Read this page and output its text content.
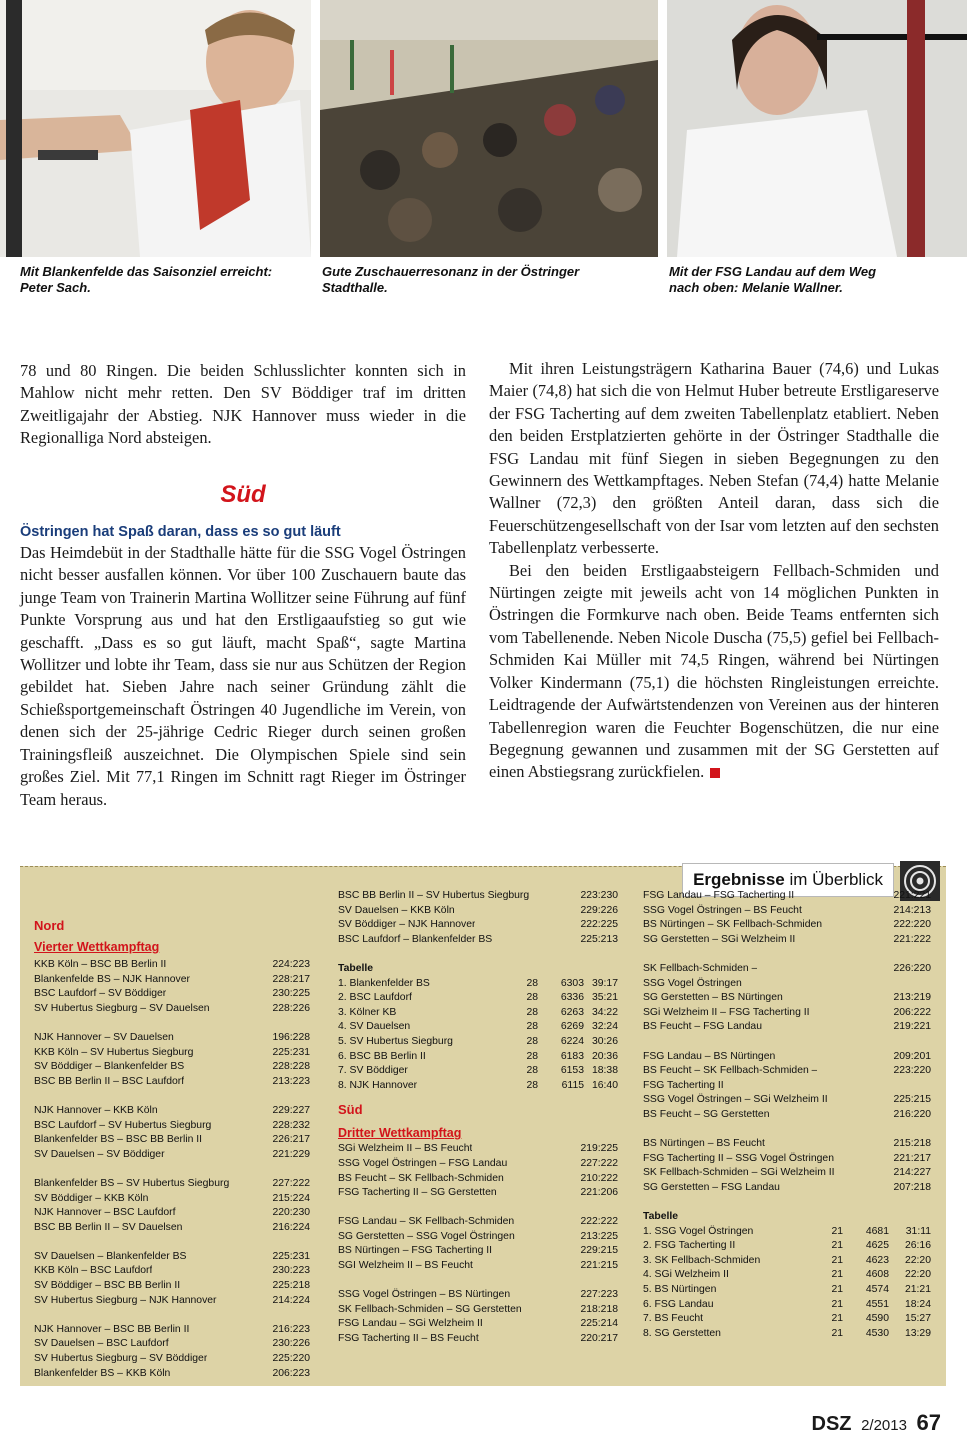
Mit Blankenfelde das Saisonziel erreicht:
Peter Sach.
Gute Zuschauerresonanz in der Östringer
Stadthalle.
Mit der FSG Landau auf dem Weg
nach oben: Melanie Wallner.

78 und 80 Ringen. Die beiden Schlusslichter konnten sich in Mahlow nicht mehr retten. Den SV Böddiger traf im dritten Zweitligajahr der Abstieg. NJK Hannover muss wieder in die Regionalliga Nord absteigen.

Süd
Östringen hat Spaß daran, dass es so gut läuft

Das Heimdebüt in der Stadthalle hätte für die SSG Vogel Östringen nicht besser ausfallen können. Vor über 100 Zuschauern baute das junge Team von Trainerin Martina Wollitzer seine Führung auf fünf Punkte Vorsprung aus und hat den Erstligaaufstieg so gut wie geschafft. „Dass es so gut läuft, macht Spaß“, sagte Martina Wollitzer und lobte ihr Team, dass sie nur aus Schützen der Region gebildet hat. Sieben Jahre nach seiner Gründung zählt die Schießsportgemeinschaft Östringen 40 Jugendliche im Verein, von denen sich der 25-jährige Cedric Rieger durch seinen großen Trainingsfleiß auszeichnet. Die Olympischen Spiele sind sein großes Ziel. Mit 77,1 Ringen im Schnitt ragt Rieger im Östringer Team heraus.

Mit ihren Leistungsträgern Katharina Bauer (74,6) und Lukas Maier (74,8) hat sich die von Helmut Huber betreute Erstligareserve der FSG Tacherting auf dem zweiten Tabellenplatz etabliert. Neben den beiden Erstplatzierten gehörte in der Östringer Stadthalle die FSG Landau mit fünf Siegen in sieben Begegnungen zu den Gewinnern des Wettkampftages. Neben Stefan (74,4) hatte Melanie Wallner (72,3) den größten Anteil daran, dass sich die Feuerschützengesellschaft von der Isar vom letzten auf den sechsten Tabellenplatz verbesserte.

Bei den beiden Erstligaabsteigern Fellbach-Schmiden und Nürtingen zeigte mit jeweils acht von 14 möglichen Punkten in Östringen die Formkurve nach oben. Beide Teams entfernten sich vom Tabellenende. Neben Nicole Duscha (75,5) gefiel bei Fellbach-Schmiden Kai Müller mit 74,5 Ringen, während bei Nürtingen Volker Kindermann (75,1) die höchsten Ringleistungen erreichte. Leidtragende der Aufwärtstendenzen von Vereinen aus der hinteren Tabellenregion waren die Feuchter Bogenschützen, die nur eine Begegnung gewannen und zusammen mit der SG Gerstetten auf einen Abstiegsrang zurückfielen.

Ergebnisse im Überblick
Nord
Vierter Wettkampftag
KKB Köln – BSC BB Berlin II	224:223
Blankenfelde BS – NJK Hannover	228:217
BSC Laufdorf – SV Böddiger	230:225
SV Hubertus Siegburg – SV Dauelsen	228:226
NJK Hannover – SV Dauelsen	196:228
KKB Köln – SV Hubertus Siegburg	225:231
SV Böddiger – Blankenfelder BS	228:228
BSC BB Berlin II – BSC Laufdorf	213:223
NJK Hannover – KKB Köln	229:227
BSC Laufdorf – SV Hubertus Siegburg	228:232
Blankenfelder BS – BSC BB Berlin II	226:217
SV Dauelsen – SV Böddiger	221:229
Blankenfelder BS – SV Hubertus Siegburg	227:222
SV Böddiger – KKB Köln	215:224
NJK Hannover – BSC Laufdorf	220:230
BSC BB Berlin II – SV Dauelsen	216:224
SV Dauelsen – Blankenfelder BS	225:231
KKB Köln – BSC Laufdorf	230:223
SV Böddiger – BSC BB Berlin II	225:218
SV Hubertus Siegburg – NJK Hannover	214:224
NJK Hannover – BSC BB Berlin II	216:223
SV Dauelsen – BSC Laufdorf	230:226
SV Hubertus Siegburg – SV Böddiger	225:220
Blankenfelder BS – KKB Köln	206:223
BSC BB Berlin II – SV Hubertus Siegburg	223:230
SV Dauelsen – KKB Köln	229:226
SV Böddiger – NJK Hannover	222:225
BSC Laufdorf – Blankenfelder BS	225:213
Tabelle
1. Blankenfelder BS	28	6303 39:17
2. BSC Laufdorf	28	6336 35:21
3. Kölner KB	28	6263 34:22
4. SV Dauelsen	28	6269 32:24
5. SV Hubertus Siegburg	28	6224 30:26
6. BSC BB Berlin II	28	6183 20:36
7. SV Böddiger	28	6153 18:38
8. NJK Hannover	28	6115 16:40
Süd
Dritter Wettkampftag
SGi Welzheim II – BS Feucht	219:225
SSG Vogel Östringen – FSG Landau	227:222
BS Feucht – SK Fellbach-Schmiden	210:222
FSG Tacherting II – SG Gerstetten	221:206
FSG Landau – SK Fellbach-Schmiden	222:222
SG Gerstetten – SSG Vogel Östringen	213:225
BS Nürtingen – FSG Tacherting II	229:215
SGI Welzheim II – BS Feucht	221:215
SSG Vogel Östringen – BS Nürtingen	227:223
SK Fellbach-Schmiden – SG Gerstetten	218:218
FSG Landau – SGi Welzheim II	225:214
FSG Tacherting II – BS Feucht	220:217
FSG Landau – FSG Tacherting II	221:221
SSG Vogel Östringen – BS Feucht	214:213
BS Nürtingen – SK Fellbach-Schmiden	222:220
SG Gerstetten – SGi Welzheim II	221:222
SK Fellbach-Schmiden –	226:220
SSG Vogel Östringen
SG Gerstetten – BS Nürtingen	213:219
SGi Welzheim II – FSG Tacherting II	206:222
BS Feucht – FSG Landau	219:221
FSG Landau – BS Nürtingen	209:201
BS Feucht – SK Fellbach-Schmiden –	223:220
FSG Tacherting II
SSG Vogel Östringen – SGi Welzheim II	225:215
BS Feucht – SG Gerstetten	216:220
BS Nürtingen – BS Feucht	215:218
FSG Tacherting II – SSG Vogel Östringen	221:217
SK Fellbach-Schmiden – SGi Welzheim II	214:227
SG Gerstetten – FSG Landau	207:218
Tabelle
1. SSG Vogel Östringen	21	4681	31:11
2. FSG Tacherting II	21	4625	26:16
3. SK Fellbach-Schmiden	21	4623	22:20
4. SGi Welzheim II	21	4608	22:20
5. BS Nürtingen	21	4574	21:21
6. FSG Landau	21	4551	18:24
7. BS Feucht	21	4590	15:27
8. SG Gerstetten	21	4530	13:29
DSZ 2/2013 67
